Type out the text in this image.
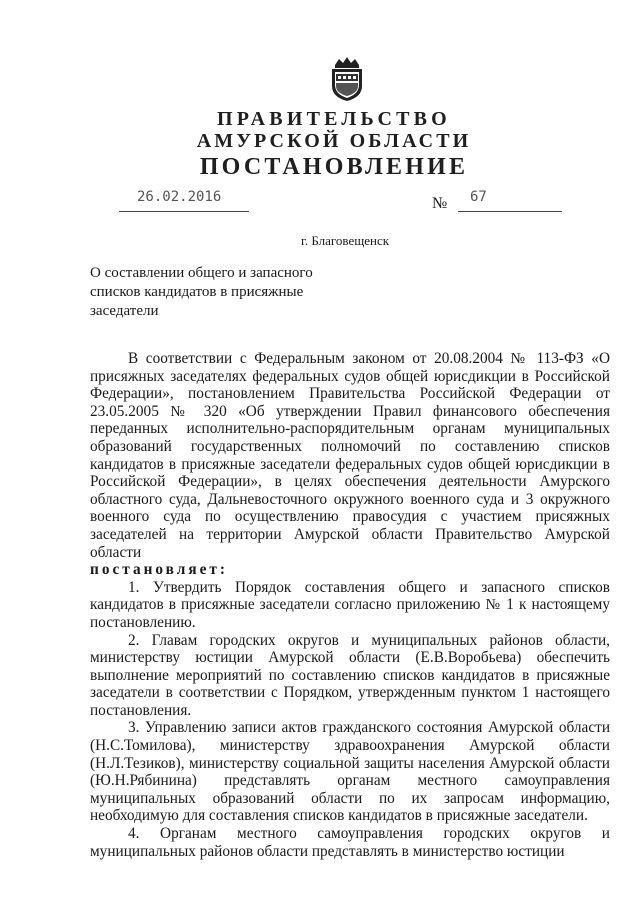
ПРАВИТЕЛЬСТВО
АМУРСКОЙ ОБЛАСТИ
ПОСТАНОВЛЕНИЕ
26.02.2016	№ 67
г. Благовещенск
О составлении общего и запасного списков кандидатов в присяжные заседатели

В соответствии с Федеральным законом от 20.08.2004 № 113-ФЗ «О присяжных заседателях федеральных судов общей юрисдикции в Российской Федерации», постановлением Правительства Российской Федерации от 23.05.2005 № 320 «Об утверждении Правил финансового обеспечения переданных исполнительно-распорядительным органам муниципальных образований государственных полномочий по составлению списков кандидатов в присяжные заседатели федеральных судов общей юрисдикции в Российской Федерации», в целях обеспечения деятельности Амурского областного суда, Дальневосточного окружного военного суда и 3 окружного военного суда по осуществлению правосудия с участием присяжных заседателей на территории Амурской области Правительство Амурской области

постановляет:

1. Утвердить Порядок составления общего и запасного списков кандидатов в присяжные заседатели согласно приложению № 1 к настоящему постановлению.

2. Главам городских округов и муниципальных районов области, министерству юстиции Амурской области (Е.В.Воробьева) обеспечить выполнение мероприятий по составлению списков кандидатов в присяжные заседатели в соответствии с Порядком, утвержденным пунктом 1 настоящего постановления.

3. Управлению записи актов гражданского состояния Амурской области (Н.С.Томилова), министерству здравоохранения Амурской области (Н.Л.Тезиков), министерству социальной защиты населения Амурской области (Ю.Н.Рябинина) представлять органам местного самоуправления муниципальных образований области по их запросам информацию, необходимую для составления списков кандидатов в присяжные заседатели.

4. Органам местного самоуправления городских округов и муниципальных районов области представлять в министерство юстиции
